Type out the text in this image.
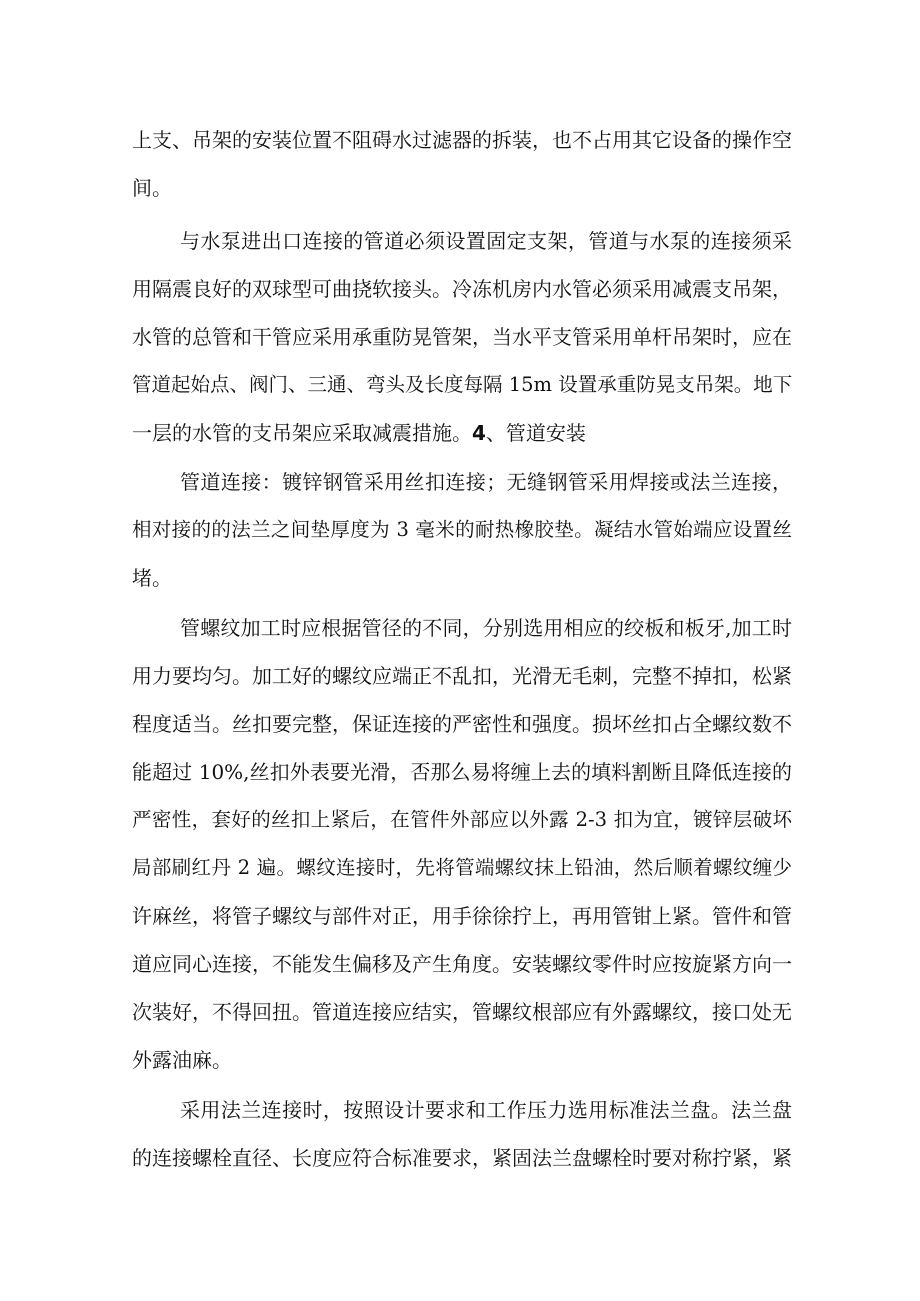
上支、吊架的安装位置不阻碍水过滤器的拆装，也不占用其它设备的操作空
间。
与水泵进出口连接的管道必须设置固定支架，管道与水泵的连接须采
用隔震良好的双球型可曲挠软接头。冷冻机房内水管必须采用减震支吊架，
水管的总管和干管应采用承重防晃管架，当水平支管采用单杆吊架时，应在
管道起始点、阀门、三通、弯头及长度每隔 15m 设置承重防晃支吊架。地下
一层的水管的支吊架应采取减震措施。4、管道安装
管道连接：镀锌钢管采用丝扣连接；无缝钢管采用焊接或法兰连接，
相对接的的法兰之间垫厚度为 3 毫米的耐热橡胶垫。凝结水管始端应设置丝
堵。
管螺纹加工时应根据管径的不同，分别选用相应的绞板和板牙,加工时
用力要均匀。加工好的螺纹应端正不乱扣，光滑无毛刺，完整不掉扣，松紧
程度适当。丝扣要完整，保证连接的严密性和强度。损坏丝扣占全螺纹数不
能超过 10%,丝扣外表要光滑，否那么易将缠上去的填料割断且降低连接的
严密性，套好的丝扣上紧后，在管件外部应以外露 2-3 扣为宜，镀锌层破坏
局部刷红丹 2 遍。螺纹连接时，先将管端螺纹抹上铅油，然后顺着螺纹缠少
许麻丝，将管子螺纹与部件对正，用手徐徐拧上，再用管钳上紧。管件和管
道应同心连接，不能发生偏移及产生角度。安装螺纹零件时应按旋紧方向一
次装好，不得回扭。管道连接应结实，管螺纹根部应有外露螺纹，接口处无
外露油麻。
采用法兰连接时，按照设计要求和工作压力选用标准法兰盘。法兰盘
的连接螺栓直径、长度应符合标准要求，紧固法兰盘螺栓时要对称拧紧，紧
